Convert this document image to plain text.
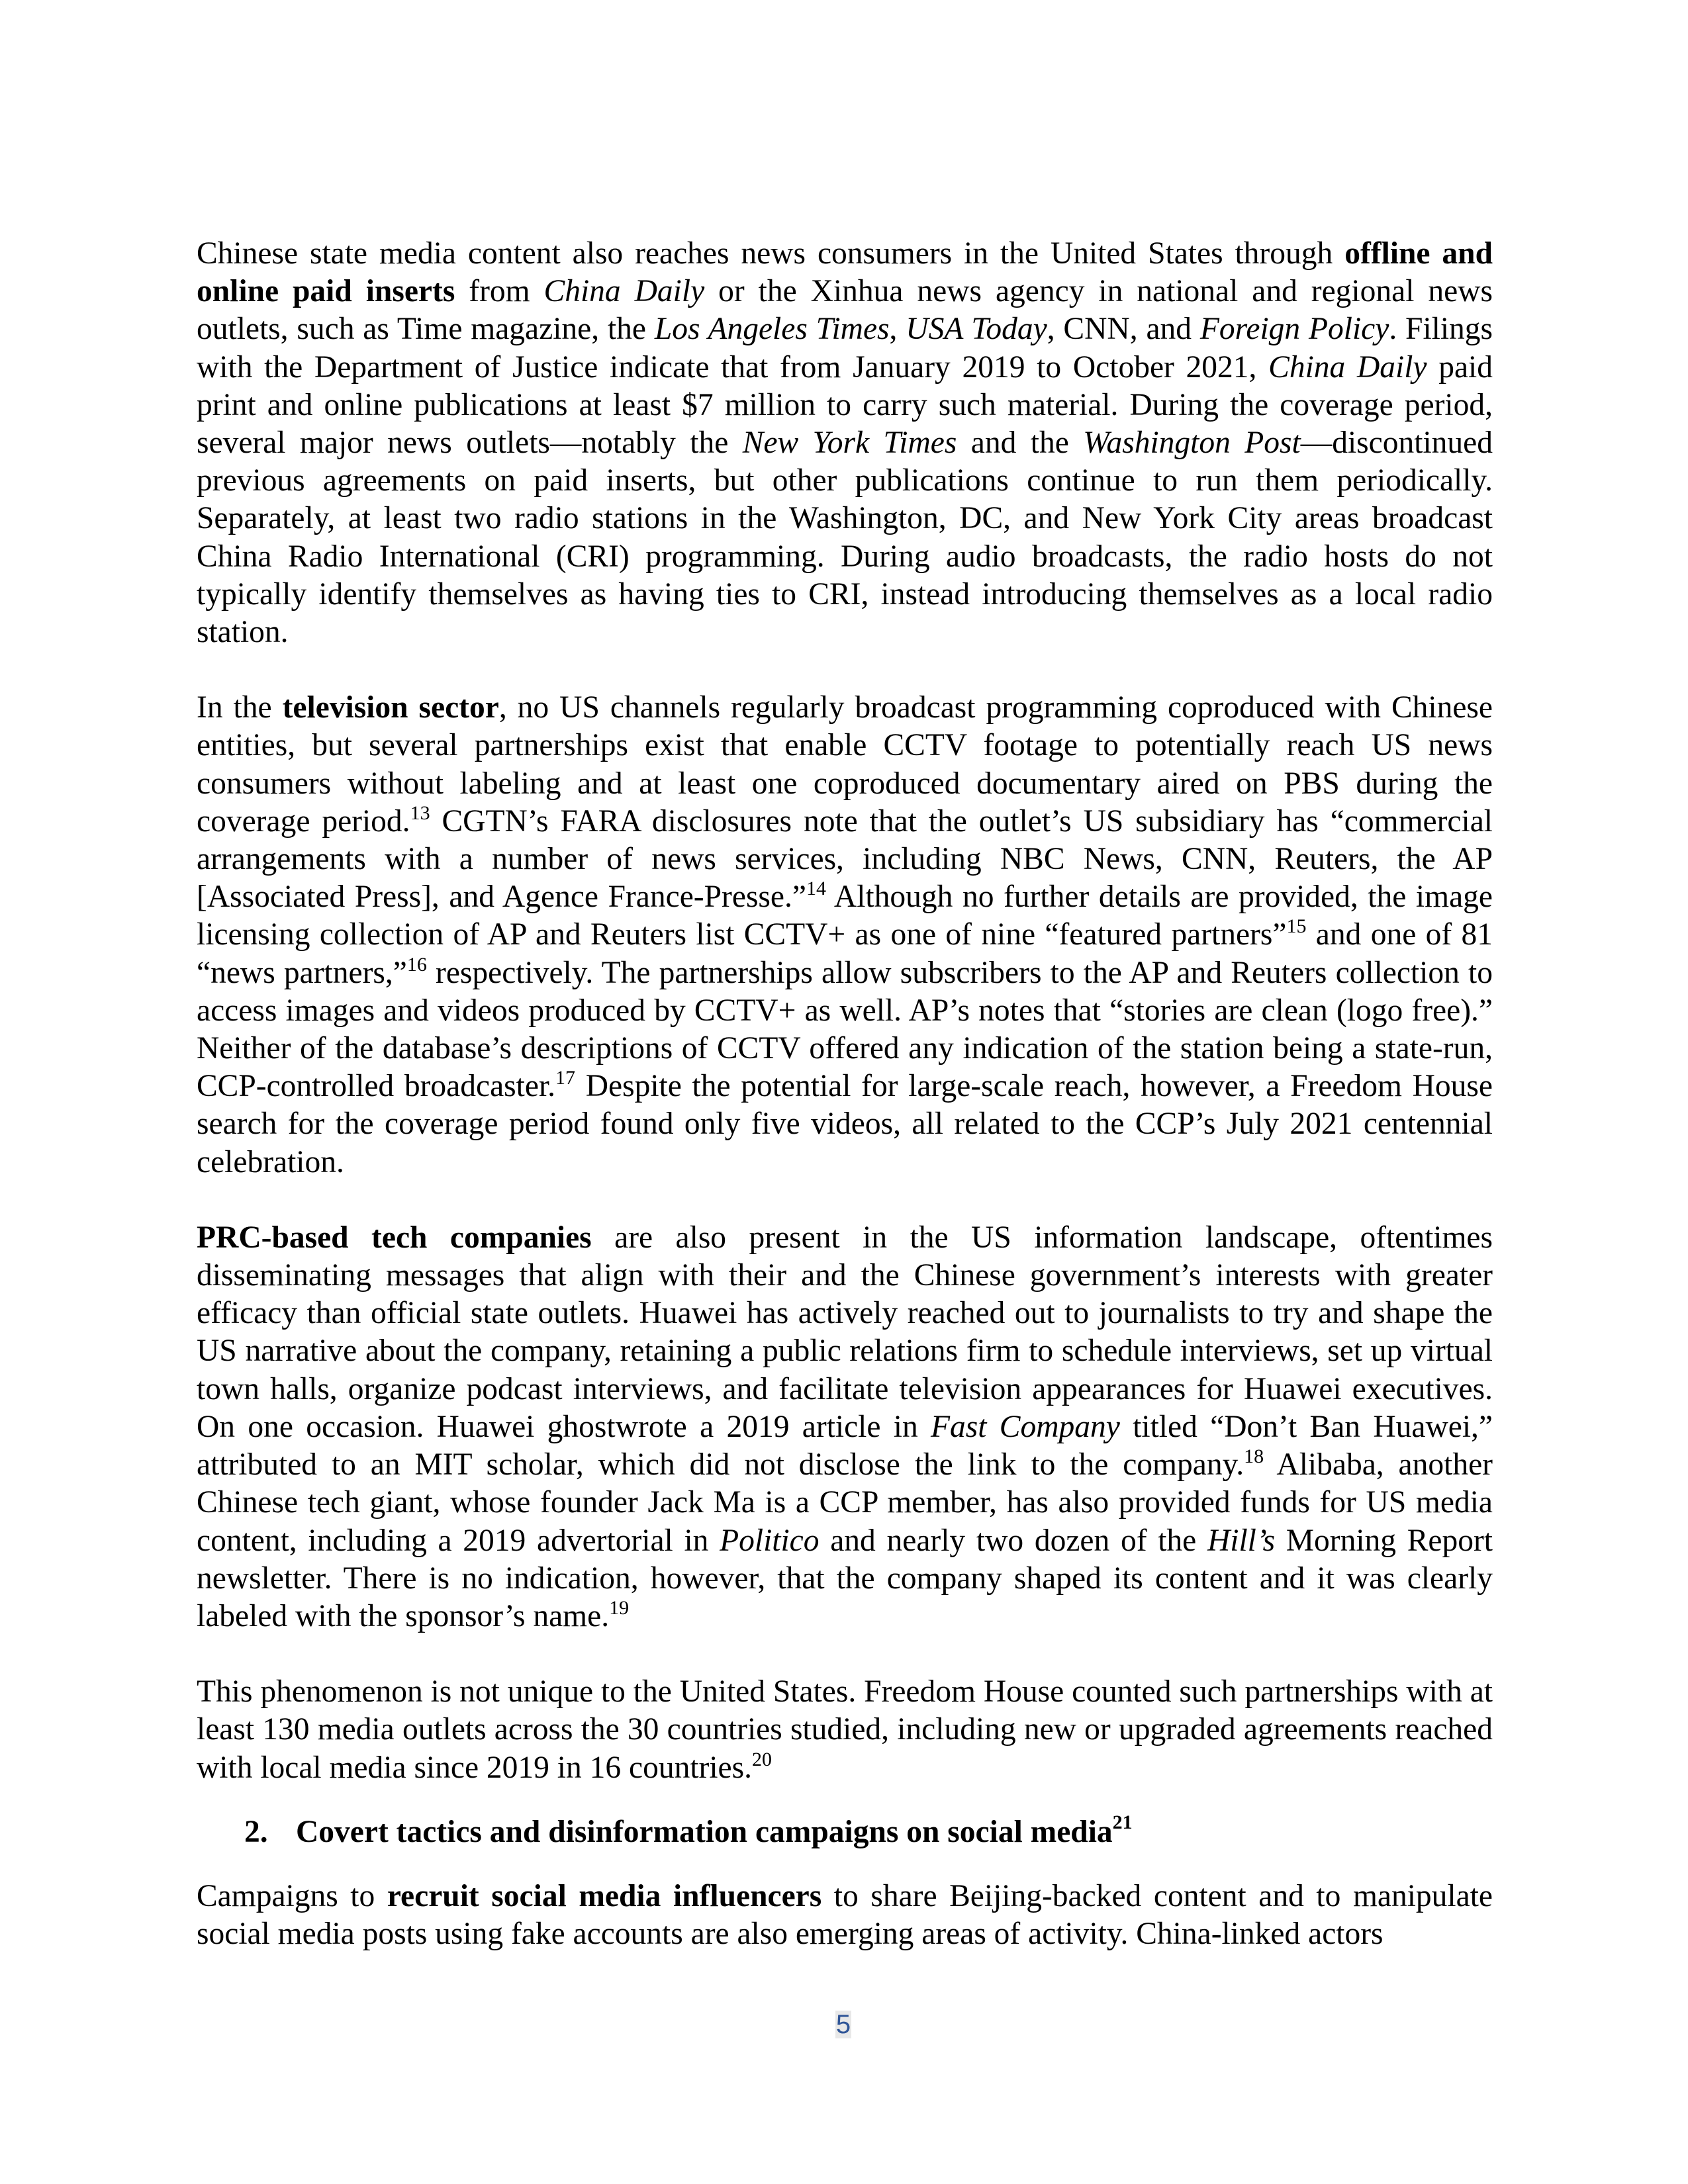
Chinese state media content also reaches news consumers in the United States through offline and online paid inserts from China Daily or the Xinhua news agency in national and regional news outlets, such as Time magazine, the Los Angeles Times, USA Today, CNN, and Foreign Policy. Filings with the Department of Justice indicate that from January 2019 to October 2021, China Daily paid print and online publications at least $7 million to carry such material. During the coverage period, several major news outlets—notably the New York Times and the Washington Post—discontinued previous agreements on paid inserts, but other publications continue to run them periodically. Separately, at least two radio stations in the Washington, DC, and New York City areas broadcast China Radio International (CRI) programming. During audio broadcasts, the radio hosts do not typically identify themselves as having ties to CRI, instead introducing themselves as a local radio station.

In the television sector, no US channels regularly broadcast programming coproduced with Chinese entities, but several partnerships exist that enable CCTV footage to potentially reach US news consumers without labeling and at least one coproduced documentary aired on PBS during the coverage period.$^{13}$ CGTN’s FARA disclosures note that the outlet’s US subsidiary has “commercial arrangements with a number of news services, including NBC News, CNN, Reuters, the AP [Associated Press], and Agence France-Presse.”$^{14}$ Although no further details are provided, the image licensing collection of AP and Reuters list CCTV+ as one of nine “featured partners”$^{15}$ and one of 81 “news partners,”$^{16}$ respectively. The partnerships allow subscribers to the AP and Reuters collection to access images and videos produced by CCTV+ as well. AP’s notes that “stories are clean (logo free).” Neither of the database’s descriptions of CCTV offered any indication of the station being a state-run, CCP-controlled broadcaster.$^{17}$ Despite the potential for large-scale reach, however, a Freedom House search for the coverage period found only five videos, all related to the CCP’s July 2021 centennial celebration.

PRC-based tech companies are also present in the US information landscape, oftentimes disseminating messages that align with their and the Chinese government’s interests with greater efficacy than official state outlets. Huawei has actively reached out to journalists to try and shape the US narrative about the company, retaining a public relations firm to schedule interviews, set up virtual town halls, organize podcast interviews, and facilitate television appearances for Huawei executives. On one occasion. Huawei ghostwrote a 2019 article in Fast Company titled “Don’t Ban Huawei,” attributed to an MIT scholar, which did not disclose the link to the company.$^{18}$ Alibaba, another Chinese tech giant, whose founder Jack Ma is a CCP member, has also provided funds for US media content, including a 2019 advertorial in Politico and nearly two dozen of the Hill’s Morning Report newsletter. There is no indication, however, that the company shaped its content and it was clearly labeled with the sponsor’s name.$^{19}$

This phenomenon is not unique to the United States. Freedom House counted such partnerships with at least 130 media outlets across the 30 countries studied, including new or upgraded agreements reached with local media since 2019 in 16 countries.$^{20}$

2. Covert tactics and disinformation campaigns on social media$^{21}$

Campaigns to recruit social media influencers to share Beijing-backed content and to manipulate social media posts using fake accounts are also emerging areas of activity. China-linked actors

5
